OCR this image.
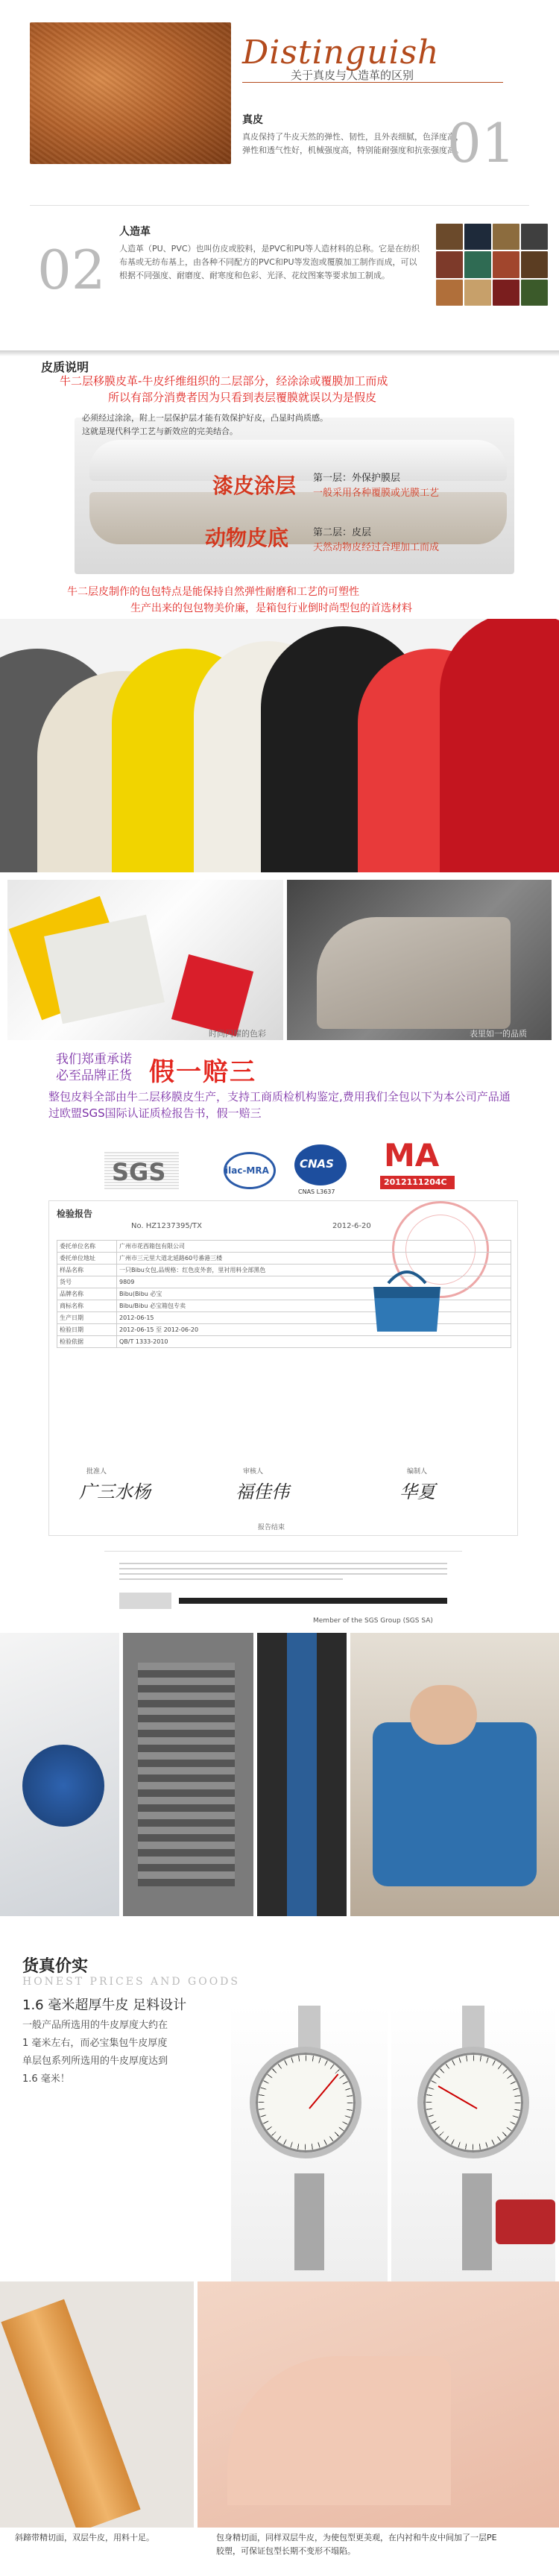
Distinguish
关于真皮与人造革的区别
真皮
真皮保持了牛皮天然的弹性、韧性，且外表细腻，色泽度高，弹性和透气性好，机械强度高，特别能耐强度和抗张强度高。
01
02
人造革
人造革（PU、PVC）也叫仿皮或胶料，是PVC和PU等人造材料的总称。它是在纺织布基或无纺布基上，由各种不同配方的PVC和PU等发泡或覆膜加工制作而成，可以根据不同强度、耐磨度、耐寒度和色彩、光泽、花纹图案等要求加工制成。
皮质说明
牛二层移膜皮革-牛皮纤维组织的二层部分，经涂涂或覆膜加工而成
所以有部分消费者因为只看到表层覆膜就误以为是假皮
必须经过涂涂，附上一层保护层才能有效保护好皮，凸显时尚质感。
这就是现代科学工艺与新效应的完美结合。
漆皮涂层 第一层：外保护膜层
一般采用各种覆膜或光膜工艺
动物皮底	第二层：皮层
天然动物皮经过合理加工而成
牛二层皮制作的包包特点是能保持自然弹性耐磨和工艺的可塑性
生产出来的包包物美价廉，是箱包行业倒时尚型包的首选材料
时尚闪耀的色彩	表里如一的品质
我们郑重承诺
必至品牌正货 假一赔三
整包皮料全部由牛二层移膜皮生产，支持工商质检机构鉴定,费用我们全包以下为本公司产品通过欧盟SGS国际认证质检报告书，假一赔三
SGS	ilac-MRA	CNAS
CNAS L3637
MA
2012111204C
检验报告
No. HZ1237395/TX	2012-6-20
委托单位名称	广州市花西箱包有限公司
委托单位地址	广州市三元里大道北延路60号番港三楼
样品名称	一只Bibu女包,品规格：红色皮外套，里衬用料全部黑色
货号	9809
品牌名称	Bibu(Bibu 必宝
商标名称	Bibu/Bibu 必宝箱包专卖
生产日期	2012-06-15
检验日期	2012-06-15 至 2012-06-20
检验依据	QB/T 1333-2010
广三水杨	福佳伟	华夏
批准人	审核人	编制人
报告结束
Member of the SGS Group (SGS SA)
货真价实
HONEST PRICES AND GOODS
1.6 毫米超厚牛皮 足料设计
一般产品所选用的牛皮厚度大约在
1 毫米左右，而必宝集包牛皮厚度
单层包系列所选用的牛皮厚度达到
1.6 毫米！
斜蹄带精切面，双层牛皮，用料十足。	包身精切面，同样双层牛皮，为使包型更美观，在内衬和牛皮中间加了一层PE
胶塑，可保证包型长期不变形不塌陷。
